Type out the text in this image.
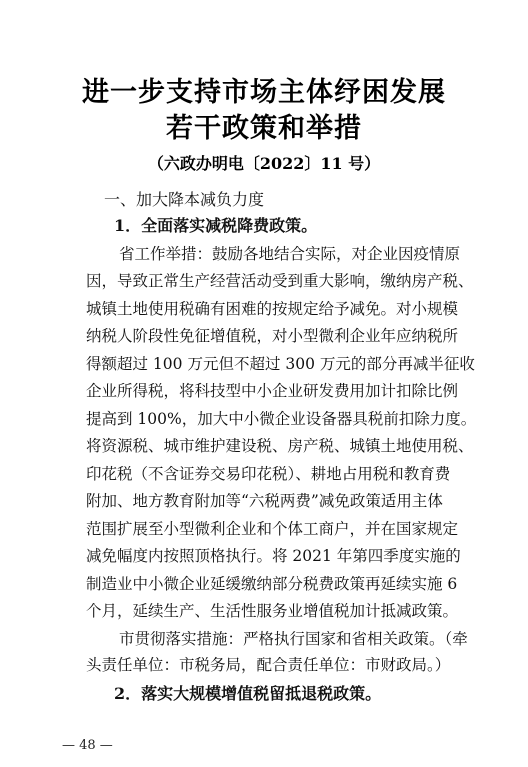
进一步支持市场主体纾困发展
若干政策和举措
（六政办明电〔2022〕11 号）
一、加大降本减负力度
1．全面落实减税降费政策。
省工作举措：鼓励各地结合实际，对企业因疫情原
因，导致正常生产经营活动受到重大影响，缴纳房产税、
城镇土地使用税确有困难的按规定给予减免。对小规模
纳税人阶段性免征增值税，对小型微利企业年应纳税所
得额超过 100 万元但不超过 300 万元的部分再减半征收
企业所得税，将科技型中小企业研发费用加计扣除比例
提高到 100%，加大中小微企业设备器具税前扣除力度。
将资源税、城市维护建设税、房产税、城镇土地使用税、
印花税（不含证券交易印花税）、耕地占用税和教育费
附加、地方教育附加等“六税两费”减免政策适用主体
范围扩展至小型微利企业和个体工商户，并在国家规定
减免幅度内按照顶格执行。将 2021 年第四季度实施的
制造业中小微企业延缓缴纳部分税费政策再延续实施 6
个月，延续生产、生活性服务业增值税加计抵减政策。
市贯彻落实措施：严格执行国家和省相关政策。（牵
头责任单位：市税务局，配合责任单位：市财政局。）
2．落实大规模增值税留抵退税政策。
— 48 —
